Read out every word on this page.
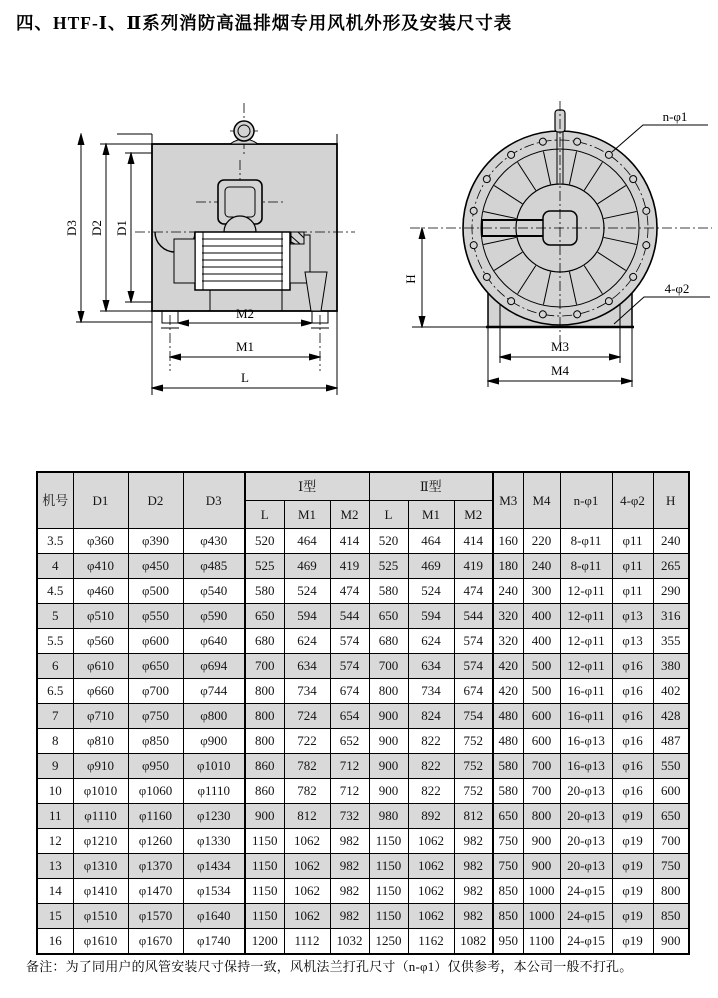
四、HTF-Ⅰ、Ⅱ系列消防高温排烟专用风机外形及安装尺寸表
D3 D2 D1
M2
M1
L
H
M3
M4
n-φ1
4-φ2
机号	D1	D2	D3	Ⅰ型			Ⅱ型			M3	M4	n-φ1	4-φ2	H
				L	M1	M2	L	M1	M2					
3.5	φ360	φ390	φ430	520	464	414	520	464	414	160	220	8-φ11	φ11	240
4	φ410	φ450	φ485	525	469	419	525	469	419	180	240	8-φ11	φ11	265
4.5	φ460	φ500	φ540	580	524	474	580	524	474	240	300	12-φ11	φ11	290
5	φ510	φ550	φ590	650	594	544	650	594	544	320	400	12-φ11	φ13	316
5.5	φ560	φ600	φ640	680	624	574	680	624	574	320	400	12-φ11	φ13	355
6	φ610	φ650	φ694	700	634	574	700	634	574	420	500	12-φ11	φ16	380
6.5	φ660	φ700	φ744	800	734	674	800	734	674	420	500	16-φ11	φ16	402
7	φ710	φ750	φ800	800	724	654	900	824	754	480	600	16-φ11	φ16	428
8	φ810	φ850	φ900	800	722	652	900	822	752	480	600	16-φ13	φ16	487
9	φ910	φ950	φ1010	860	782	712	900	822	752	580	700	16-φ13	φ16	550
10	φ1010	φ1060	φ1110	860	782	712	900	822	752	580	700	20-φ13	φ16	600
11	φ1110	φ1160	φ1230	900	812	732	980	892	812	650	800	20-φ13	φ19	650
12	φ1210	φ1260	φ1330	1150	1062	982	1150	1062	982	750	900	20-φ13	φ19	700
13	φ1310	φ1370	φ1434	1150	1062	982	1150	1062	982	750	900	20-φ13	φ19	750
14	φ1410	φ1470	φ1534	1150	1062	982	1150	1062	982	850	1000	24-φ15	φ19	800
15	φ1510	φ1570	φ1640	1150	1062	982	1150	1062	982	850	1000	24-φ15	φ19	850
16	φ1610	φ1670	φ1740	1200	1112	1032	1250	1162	1082	950	1100	24-φ15	φ19	900

备注：为了同用户的风管安装尺寸保持一致，风机法兰打孔尺寸（n-φ1）仅供参考，本公司一般不打孔。
